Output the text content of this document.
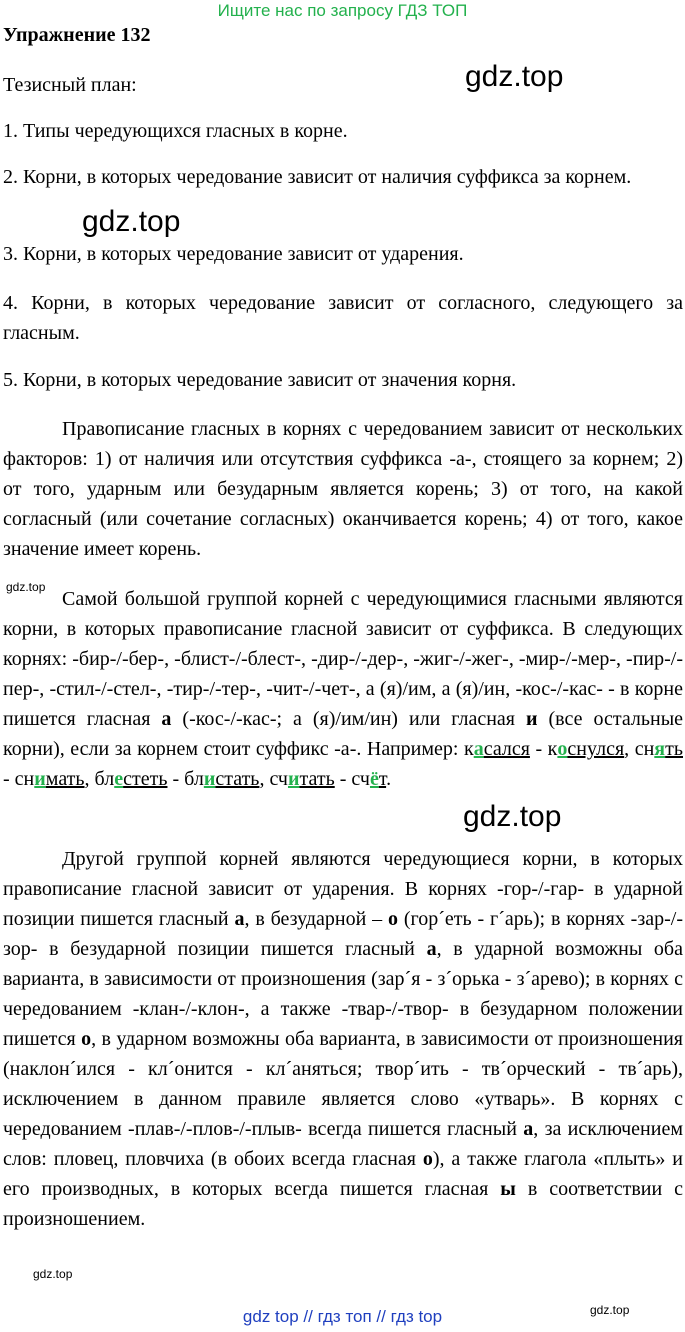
Ищите нас по запросу ГДЗ ТОП

Упражнение 132

Тезисный план:

1. Типы чередующихся гласных в корне.

2. Корни, в которых чередование зависит от наличия суффикса за корнем.

3. Корни, в которых чередование зависит от ударения.

4. Корни, в которых чередование зависит от согласного, следующего за гласным.

5. Корни, в которых чередование зависит от значения корня.

Правописание гласных в корнях с чередованием зависит от нескольких факторов: 1) от наличия или отсутствия суффикса -а-, стоящего за корнем; 2) от того, ударным или безударным является корень; 3) от того, на какой согласный (или сочетание согласных) оканчивается корень; 4) от того, какое значение имеет корень.

Самой большой группой корней с чередующимися гласными являются корни, в которых правописание гласной зависит от суффикса. В следующих корнях: -бир-/-бер-, -блист-/-блест-, -дир-/-дер-, -жиг-/-жег-, -мир-/-мер-, -пир-/-пер-, -стил-/-стел-, -тир-/-тер-, -чит-/-чет-, а (я)/им, а (я)/ин, -кос-/-кас- - в корне пишется гласная а (-кос-/-кас-; а (я)/им/ин) или гласная и (все остальные корни), если за корнем стоит суффикс -а-. Например: касался - коснулся, снять - снимать, блестеть - блистать, считать - счёт.

Другой группой корней являются чередующиеся корни, в которых правописание гласной зависит от ударения. В корнях -гор-/-гар- в ударной позиции пишется гласный а, в безударной – о (гор´еть - г´арь); в корнях -зар-/-зор- в безударной позиции пишется гласный а, в ударной возможны оба варианта, в зависимости от произношения (зар´я - з´орька - з´арево); в корнях с чередованием -клан-/-клон-, а также -твар-/-твор- в безударном положении пишется о, в ударном возможны оба варианта, в зависимости от произношения (наклон´ился - кл´онится - кл´аняться; твор´ить - тв´орческий - тв´арь), исключением в данном правиле является слово «утварь». В корнях с чередованием -плав-/-плов-/-плыв- всегда пишется гласный а, за исключением слов: пловец, пловчиха (в обоих всегда гласная о), а также глагола «плыть» и его производных, в которых всегда пишется гласная ы в соответствии с произношением.

gdz.top
gdz.top
gdz.top
gdz.top
gdz.top
gdz.top
gdz top // гдз топ // гдз top
